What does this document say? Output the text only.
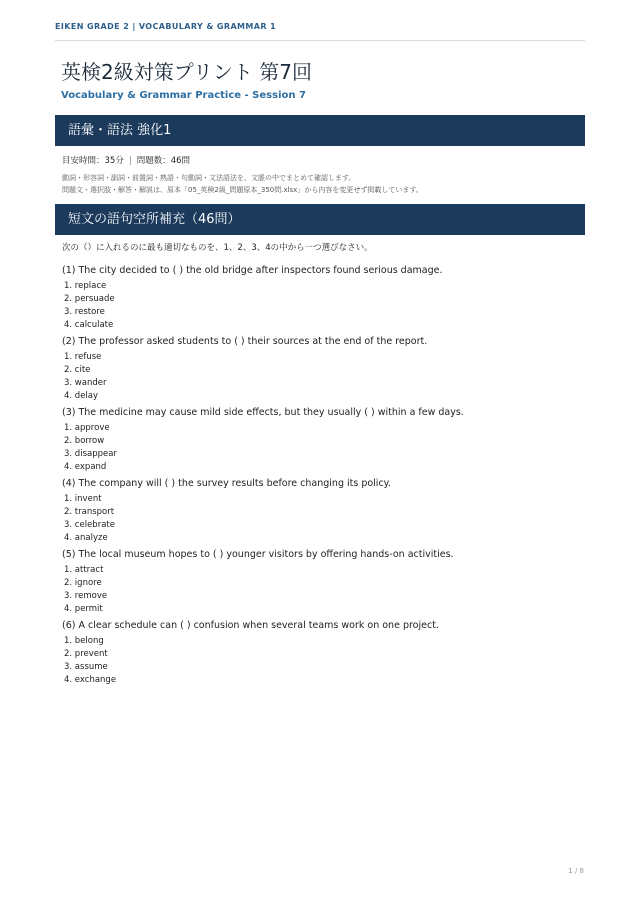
EIKEN GRADE 2 | VOCABULARY & GRAMMAR 1
英検2級対策プリント 第7回
Vocabulary & Grammar Practice - Session 7
語彙・語法 強化1
目安時間：35分 | 問題数：46問
動詞・形容詞・副詞・前置詞・熟語・句動詞・文法語法を、文脈の中でまとめて確認します。
問題文・選択肢・解答・解説は、原本「05_英検2級_問題原本_350問.xlsx」から内容を変更せず掲載しています。
短文の語句空所補充（46問）
次の（）に入れるのに最も適切なものを、1、2、3、4の中から一つ選びなさい。
(1) The city decided to ( ) the old bridge after inspectors found serious damage.
1. replace
2. persuade
3. restore
4. calculate
(2) The professor asked students to ( ) their sources at the end of the report.
1. refuse
2. cite
3. wander
4. delay
(3) The medicine may cause mild side effects, but they usually ( ) within a few days.
1. approve
2. borrow
3. disappear
4. expand
(4) The company will ( ) the survey results before changing its policy.
1. invent
2. transport
3. celebrate
4. analyze
(5) The local museum hopes to ( ) younger visitors by offering hands-on activities.
1. attract
2. ignore
3. remove
4. permit
(6) A clear schedule can ( ) confusion when several teams work on one project.
1. belong
2. prevent
3. assume
4. exchange
1 / 8
